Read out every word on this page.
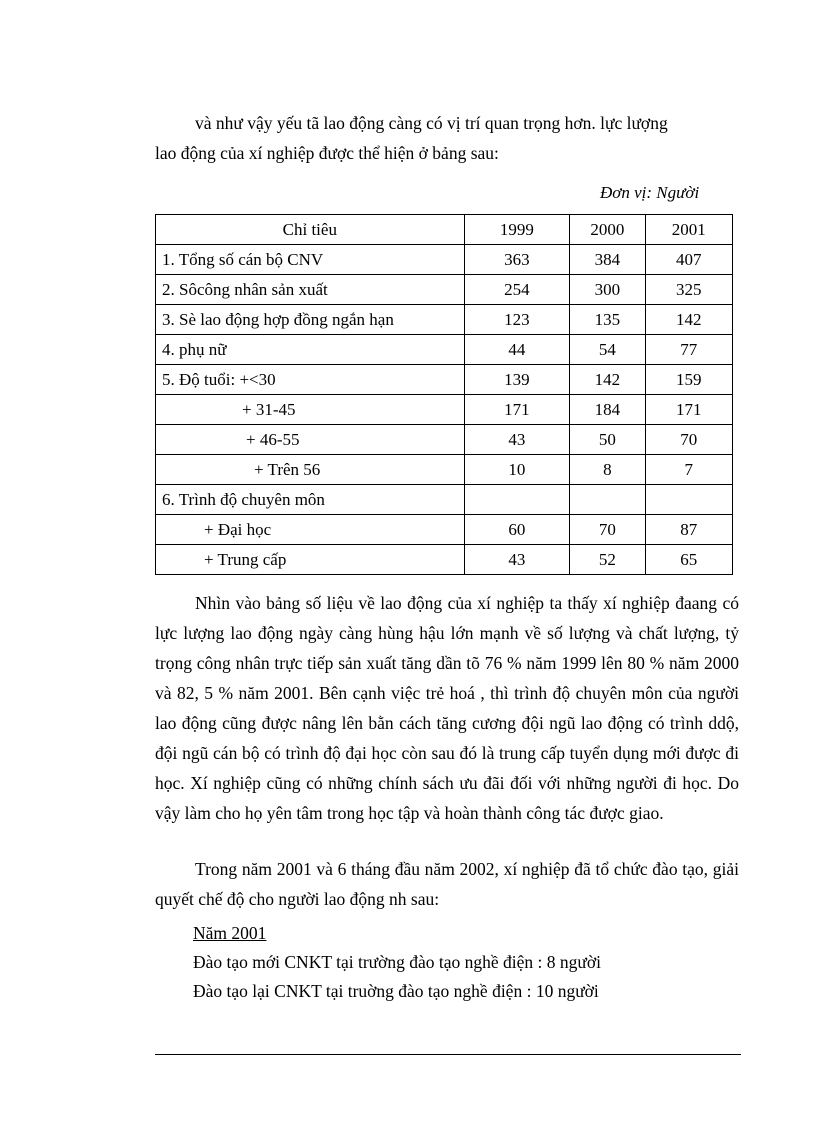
và như vậy yếu tã lao động càng có vị trí quan trọng hơn. lực lượng
lao động của xí nghiệp được thể hiện ở bảng sau:

Đơn vị: Người
Chỉ tiêu	1999	2000	2001
1. Tổng số cán bộ CNV	363	384	407
2. Sôcông nhân sản xuất	254	300	325
3. Sè lao động hợp đồng ngắn hạn	123	135	142
4. phụ nữ	44	54	77
5. Độ tuổi: +<30	139	142	159
+ 31-45	171	184	171
+ 46-55	43	50	70
+ Trên 56	10	8	7
6. Trình độ chuyên môn			
+ Đại học	60	70	87
+ Trung cấp	43	52	65

Nhìn vào bảng số liệu về lao động của xí nghiệp ta thấy xí nghiệp đaang có lực lượng lao động ngày càng hùng hậu lớn mạnh về số lượng và chất lượng, tỷ trọng công nhân trực tiếp sản xuất tăng dần tõ 76 % năm 1999 lên 80 % năm 2000 và 82, 5 % năm 2001. Bên cạnh việc trẻ hoá , thì trình độ chuyên môn của người lao động cũng được nâng lên bằn cách tăng cương đội ngũ lao động có trình ddộ, đội ngũ cán bộ có trình độ đại học còn sau đó là trung cấp tuyển dụng mới được đi học. Xí nghiệp cũng có những chính sách ưu đãi đối với những người đi học. Do vậy làm cho họ yên tâm trong học tập và hoàn thành công tác được giao.

Trong năm 2001 và 6 tháng đầu năm 2002, xí nghiệp đã tổ chức đào tạo, giải quyết chế độ cho người lao động nh sau:

Năm 2001
Đào tạo mới CNKT tại trường đào tạo nghề điện : 8 người
Đào tạo lại CNKT tại truờng đào tạo nghề điện : 10 người
